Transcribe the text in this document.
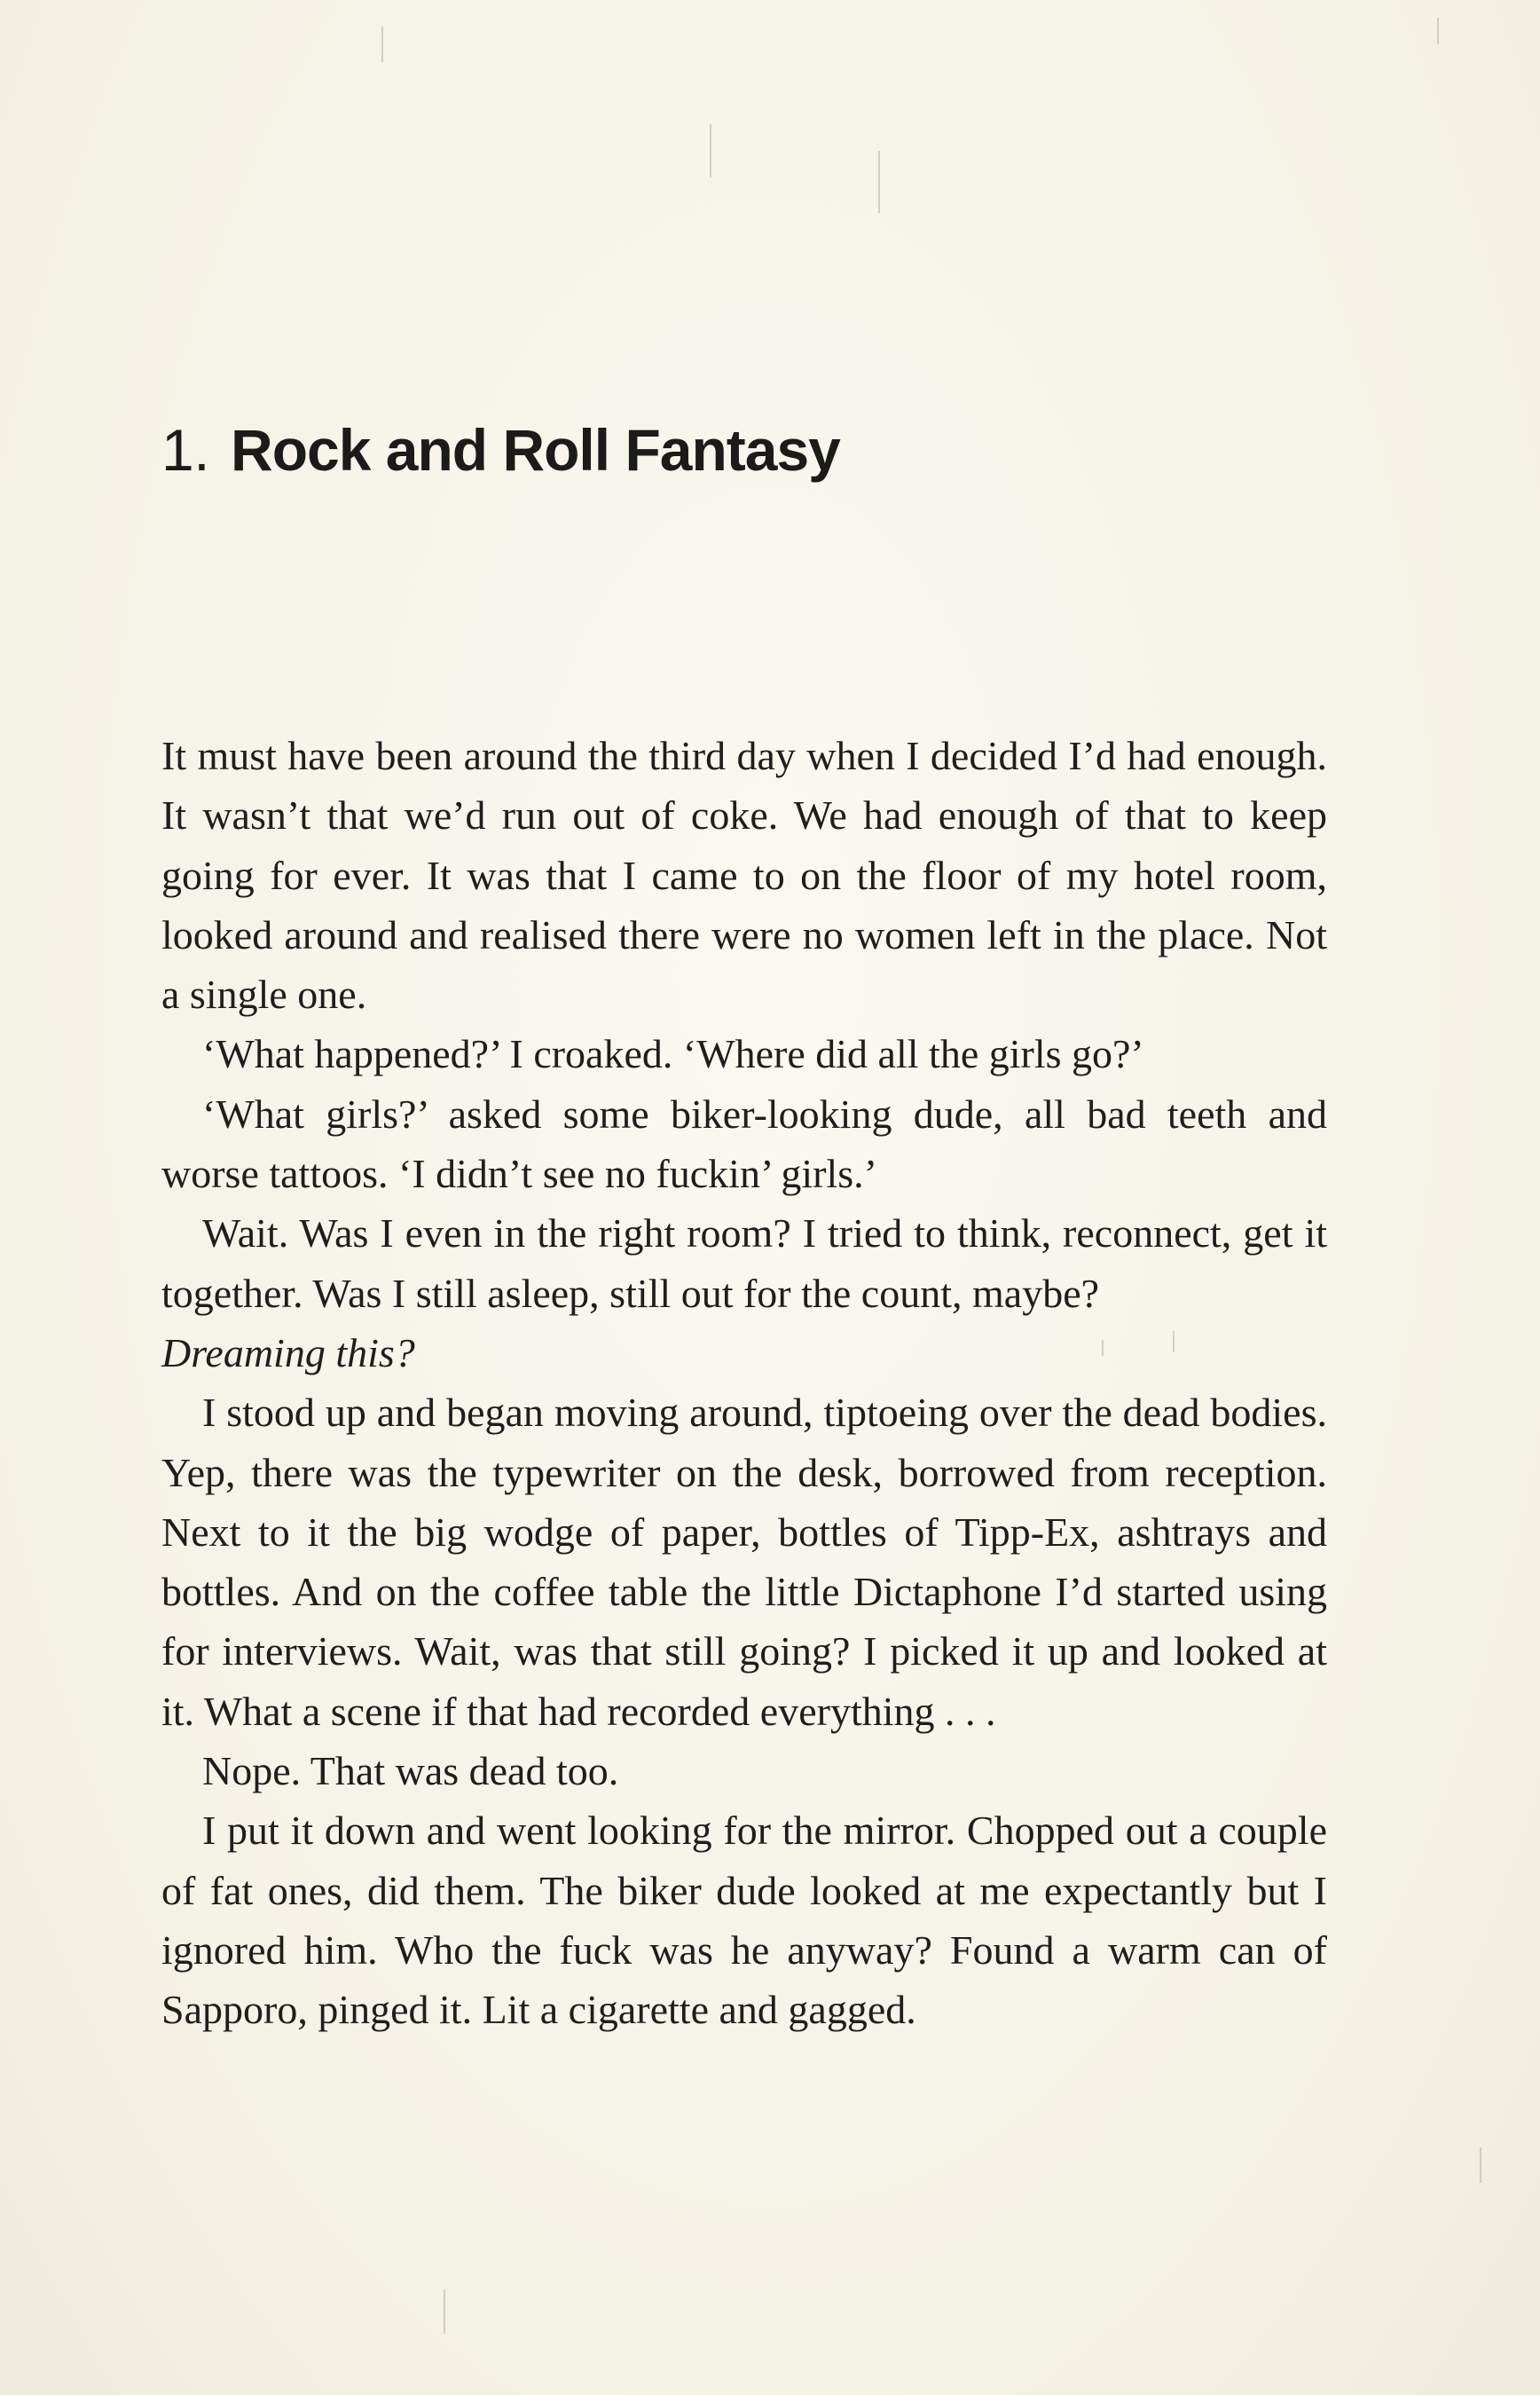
1. Rock and Roll Fantasy

It must have been around the third day when I decided I’d had enough. It wasn’t that we’d run out of coke. We had enough of that to keep going for ever. It was that I came to on the floor of my hotel room, looked around and realised there were no women left in the place. Not a single one.

‘What happened?’ I croaked. ‘Where did all the girls go?’

‘What girls?’ asked some biker-looking dude, all bad teeth and worse tattoos. ‘I didn’t see no fuckin’ girls.’

Wait. Was I even in the right room? I tried to think, reconnect, get it together. Was I still asleep, still out for the count, maybe?

Dreaming this?

I stood up and began moving around, tiptoeing over the dead bodies. Yep, there was the typewriter on the desk, borrowed from reception. Next to it the big wodge of paper, bottles of Tipp-Ex, ashtrays and bottles. And on the coffee table the little Dictaphone I’d started using for interviews. Wait, was that still going? I picked it up and looked at it. What a scene if that had recorded everything . . .

Nope. That was dead too.

I put it down and went looking for the mirror. Chopped out a couple of fat ones, did them. The biker dude looked at me expectantly but I ignored him. Who the fuck was he anyway? Found a warm can of Sapporo, pinged it. Lit a cigarette and gagged.
